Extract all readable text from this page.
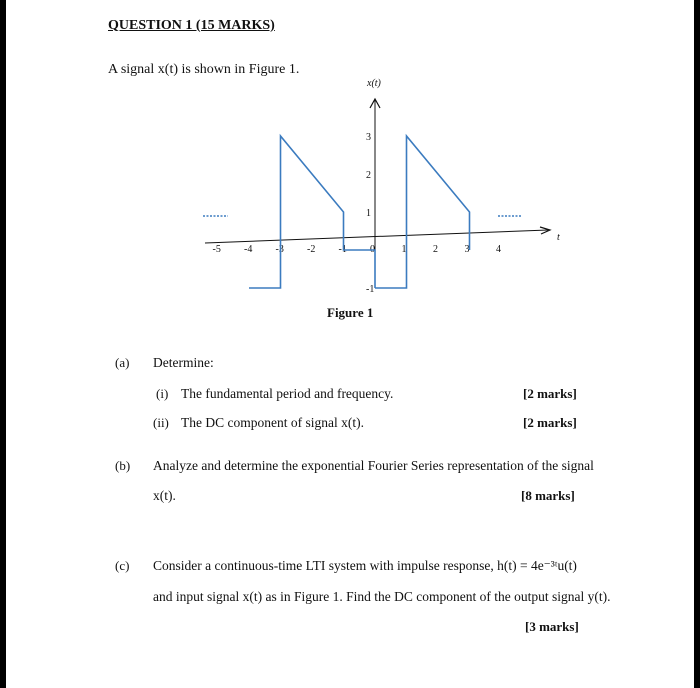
QUESTION 1 (15 MARKS)
A signal x(t) is shown in Figure 1.
x(t)
t
-5 -4 -3 -2 -1 0	1	2	3	4
3
2
1
-1
Figure 1
(a) Determine:
(i) The fundamental period and frequency.	[2 marks]
(ii) The DC component of signal x(t).	[2 marks]
(b) Analyze and determine the exponential Fourier Series representation of the signal
x(t).	[8 marks]
(c) Consider a continuous-time LTI system with impulse response, h(t) = 4e⁻³ᵗu(t)
and input signal x(t) as in Figure 1. Find the DC component of the output signal y(t).
[3 marks]
